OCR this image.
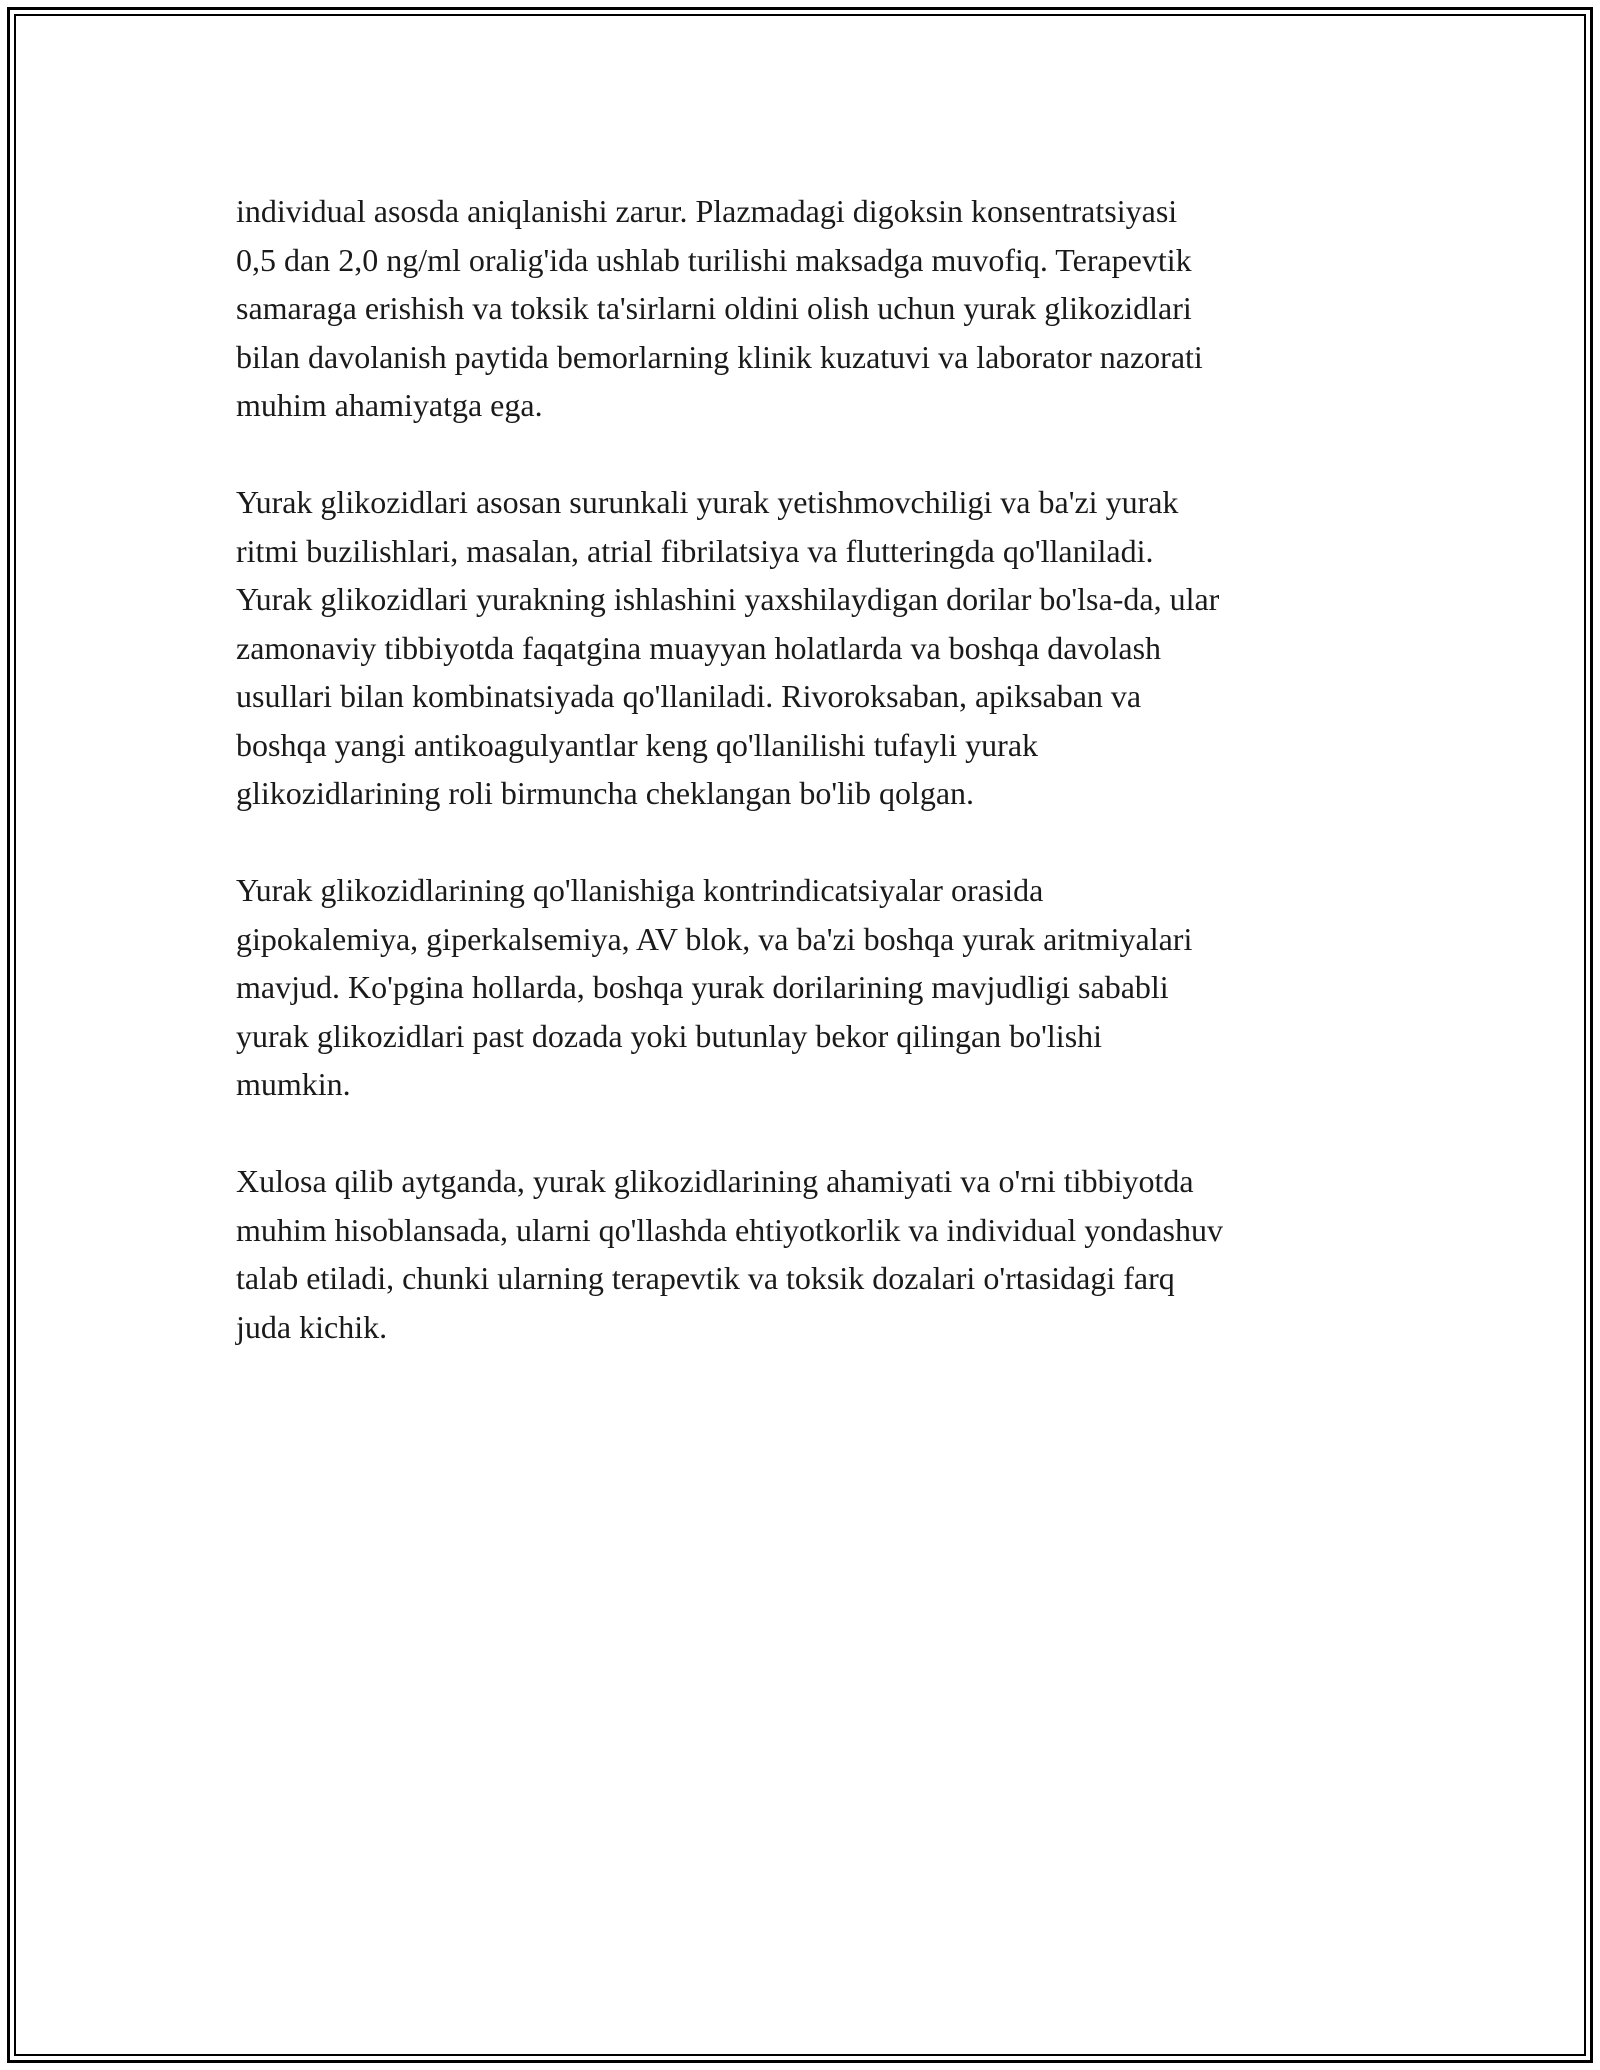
individual asosda aniqlanishi zarur. Plazmadagi digoksin konsentratsiyasi
0,5 dan 2,0 ng/ml oralig'ida ushlab turilishi maksadga muvofiq. Terapevtik
samaraga erishish va toksik ta'sirlarni oldini olish uchun yurak glikozidlari
bilan davolanish paytida bemorlarning klinik kuzatuvi va laborator nazorati
muhim ahamiyatga ega.

Yurak glikozidlari asosan surunkali yurak yetishmovchiligi va ba'zi yurak
ritmi buzilishlari, masalan, atrial fibrilatsiya va flutteringda qo'llaniladi.
Yurak glikozidlari yurakning ishlashini yaxshilaydigan dorilar bo'lsa-da, ular
zamonaviy tibbiyotda faqatgina muayyan holatlarda va boshqa davolash
usullari bilan kombinatsiyada qo'llaniladi. Rivoroksaban, apiksaban va
boshqa yangi antikoagulyantlar keng qo'llanilishi tufayli yurak
glikozidlarining roli birmuncha cheklangan bo'lib qolgan.

Yurak glikozidlarining qo'llanishiga kontrindicatsiyalar orasida
gipokalemiya, giperkalsemiya, AV blok, va ba'zi boshqa yurak aritmiyalari
mavjud. Ko'pgina hollarda, boshqa yurak dorilarining mavjudligi sababli
yurak glikozidlari past dozada yoki butunlay bekor qilingan bo'lishi
mumkin.

Xulosa qilib aytganda, yurak glikozidlarining ahamiyati va o'rni tibbiyotda
muhim hisoblansada, ularni qo'llashda ehtiyotkorlik va individual yondashuv
talab etiladi, chunki ularning terapevtik va toksik dozalari o'rtasidagi farq
juda kichik.
